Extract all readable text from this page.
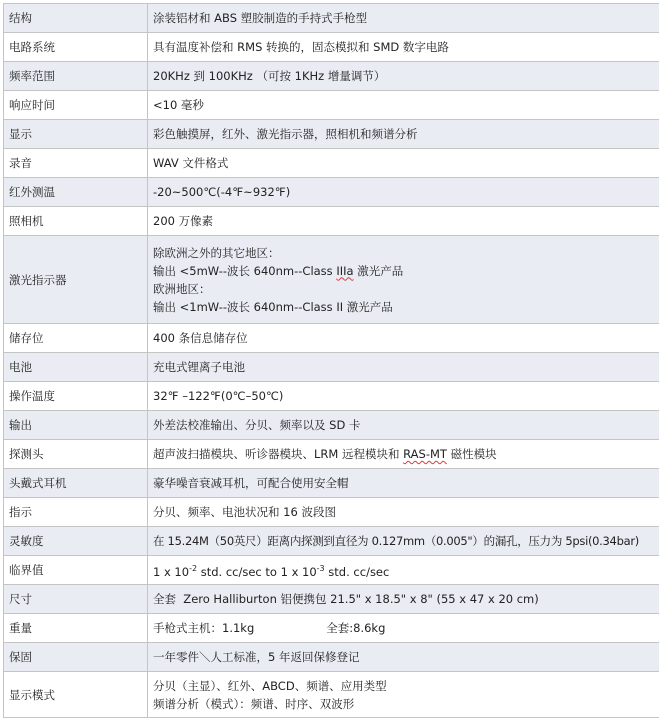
结构	涂装铝材和 ABS 塑胶制造的手持式手枪型
电路系统	具有温度补偿和 RMS 转换的，固态模拟和 SMD 数字电路
频率范围	20KHz 到 100KHz （可按 1KHz 增量调节）
响应时间	<10 毫秒
显示	彩色触摸屏，红外、激光指示器，照相机和频谱分析
录音	WAV 文件格式
红外测温	-20~500℃(-4℉~932℉)
照相机	200 万像素
激光指示器	除欧洲之外的其它地区：
输出 <5mW--波长 640nm--Class IIIa 激光产品
欧洲地区：
输出 <1mW--波长 640nm--Class II 激光产品

储存位	400 条信息储存位
电池	充电式锂离子电池
操作温度	32℉ –122℉(0℃–50℃)
输出	外差法校准输出、分贝、频率以及 SD 卡
探测头	超声波扫描模块、听诊器模块、LRM 远程模块和 RAS-MT 磁性模块
头戴式耳机	豪华噪音衰减耳机，可配合使用安全帽
指示	分贝、频率、电池状况和 16 波段图
灵敏度	在 15.24M（50英尺）距离内探测到直径为 0.127mm（0.005"）的漏孔，压力为 5psi(0.34bar)
临界值	1 x $10^{-2}$ std. cc/sec to 1 x $10^{-3}$ std. cc/sec
尺寸	全套  Zero Halliburton 铝便携包 21.5" x 18.5" x 8" (55 x 47 x 20 cm)
重量	手枪式主机：1.1kg 全套:8.6kg
保固	一年零件＼人工标准，5 年返回保修登记
显示模式	分贝（主显）、红外、ABCD、频谱、应用类型
频谱分析（模式）：频谱、时序、双波形
